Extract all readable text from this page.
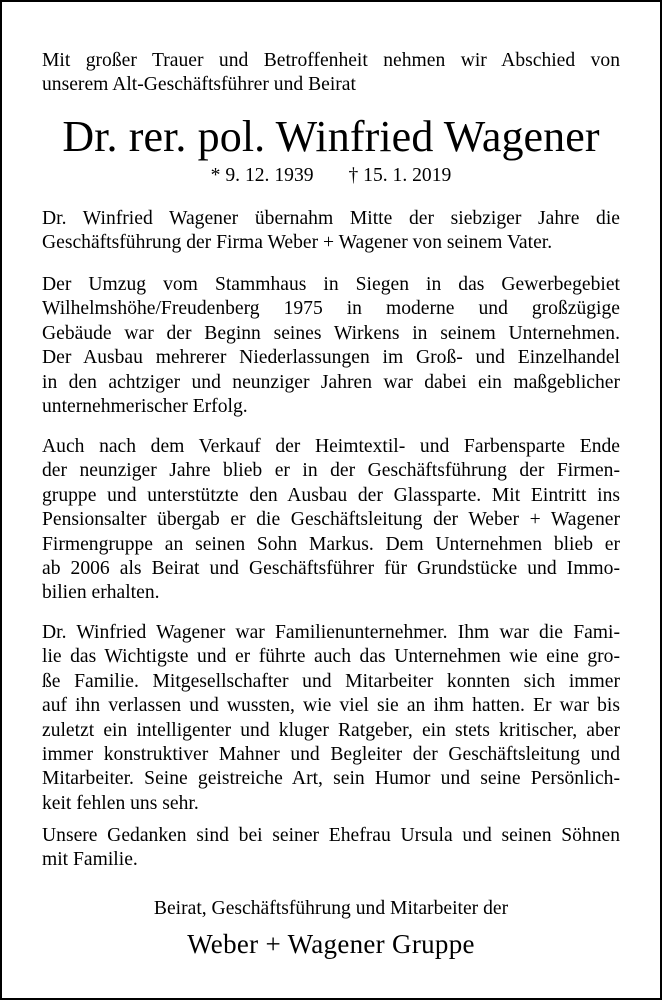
Mit großer Trauer und Betroffenheit nehmen wir Abschied von
unserem Alt-Geschäftsführer und Beirat
Dr. rer. pol. Winfried Wagener
* 9. 12. 1939 † 15. 1. 2019
Dr. Winfried Wagener übernahm Mitte der siebziger Jahre die
Geschäftsführung der Firma Weber + Wagener von seinem Vater.
Der Umzug vom Stammhaus in Siegen in das Gewerbegebiet
Wilhelmshöhe/Freudenberg 1975 in moderne und großzügige
Gebäude war der Beginn seines Wirkens in seinem Unternehmen.
Der Ausbau mehrerer Niederlassungen im Groß- und Einzelhandel
in den achtziger und neunziger Jahren war dabei ein maßgeblicher
unternehmerischer Erfolg.
Auch nach dem Verkauf der Heimtextil- und Farbensparte Ende
der neunziger Jahre blieb er in der Geschäftsführung der Firmen-
gruppe und unterstützte den Ausbau der Glassparte. Mit Eintritt ins
Pensionsalter übergab er die Geschäftsleitung der Weber + Wagener
Firmengruppe an seinen Sohn Markus. Dem Unternehmen blieb er
ab 2006 als Beirat und Geschäftsführer für Grundstücke und Immo-
bilien erhalten.
Dr. Winfried Wagener war Familienunternehmer. Ihm war die Fami-
lie das Wichtigste und er führte auch das Unternehmen wie eine gro-
ße Familie. Mitgesellschafter und Mitarbeiter konnten sich immer
auf ihn verlassen und wussten, wie viel sie an ihm hatten. Er war bis
zuletzt ein intelligenter und kluger Ratgeber, ein stets kritischer, aber
immer konstruktiver Mahner und Begleiter der Geschäftsleitung und
Mitarbeiter. Seine geistreiche Art, sein Humor und seine Persönlich-
keit fehlen uns sehr.
Unsere Gedanken sind bei seiner Ehefrau Ursula und seinen Söhnen
mit Familie.
Beirat, Geschäftsführung und Mitarbeiter der
Weber + Wagener Gruppe
